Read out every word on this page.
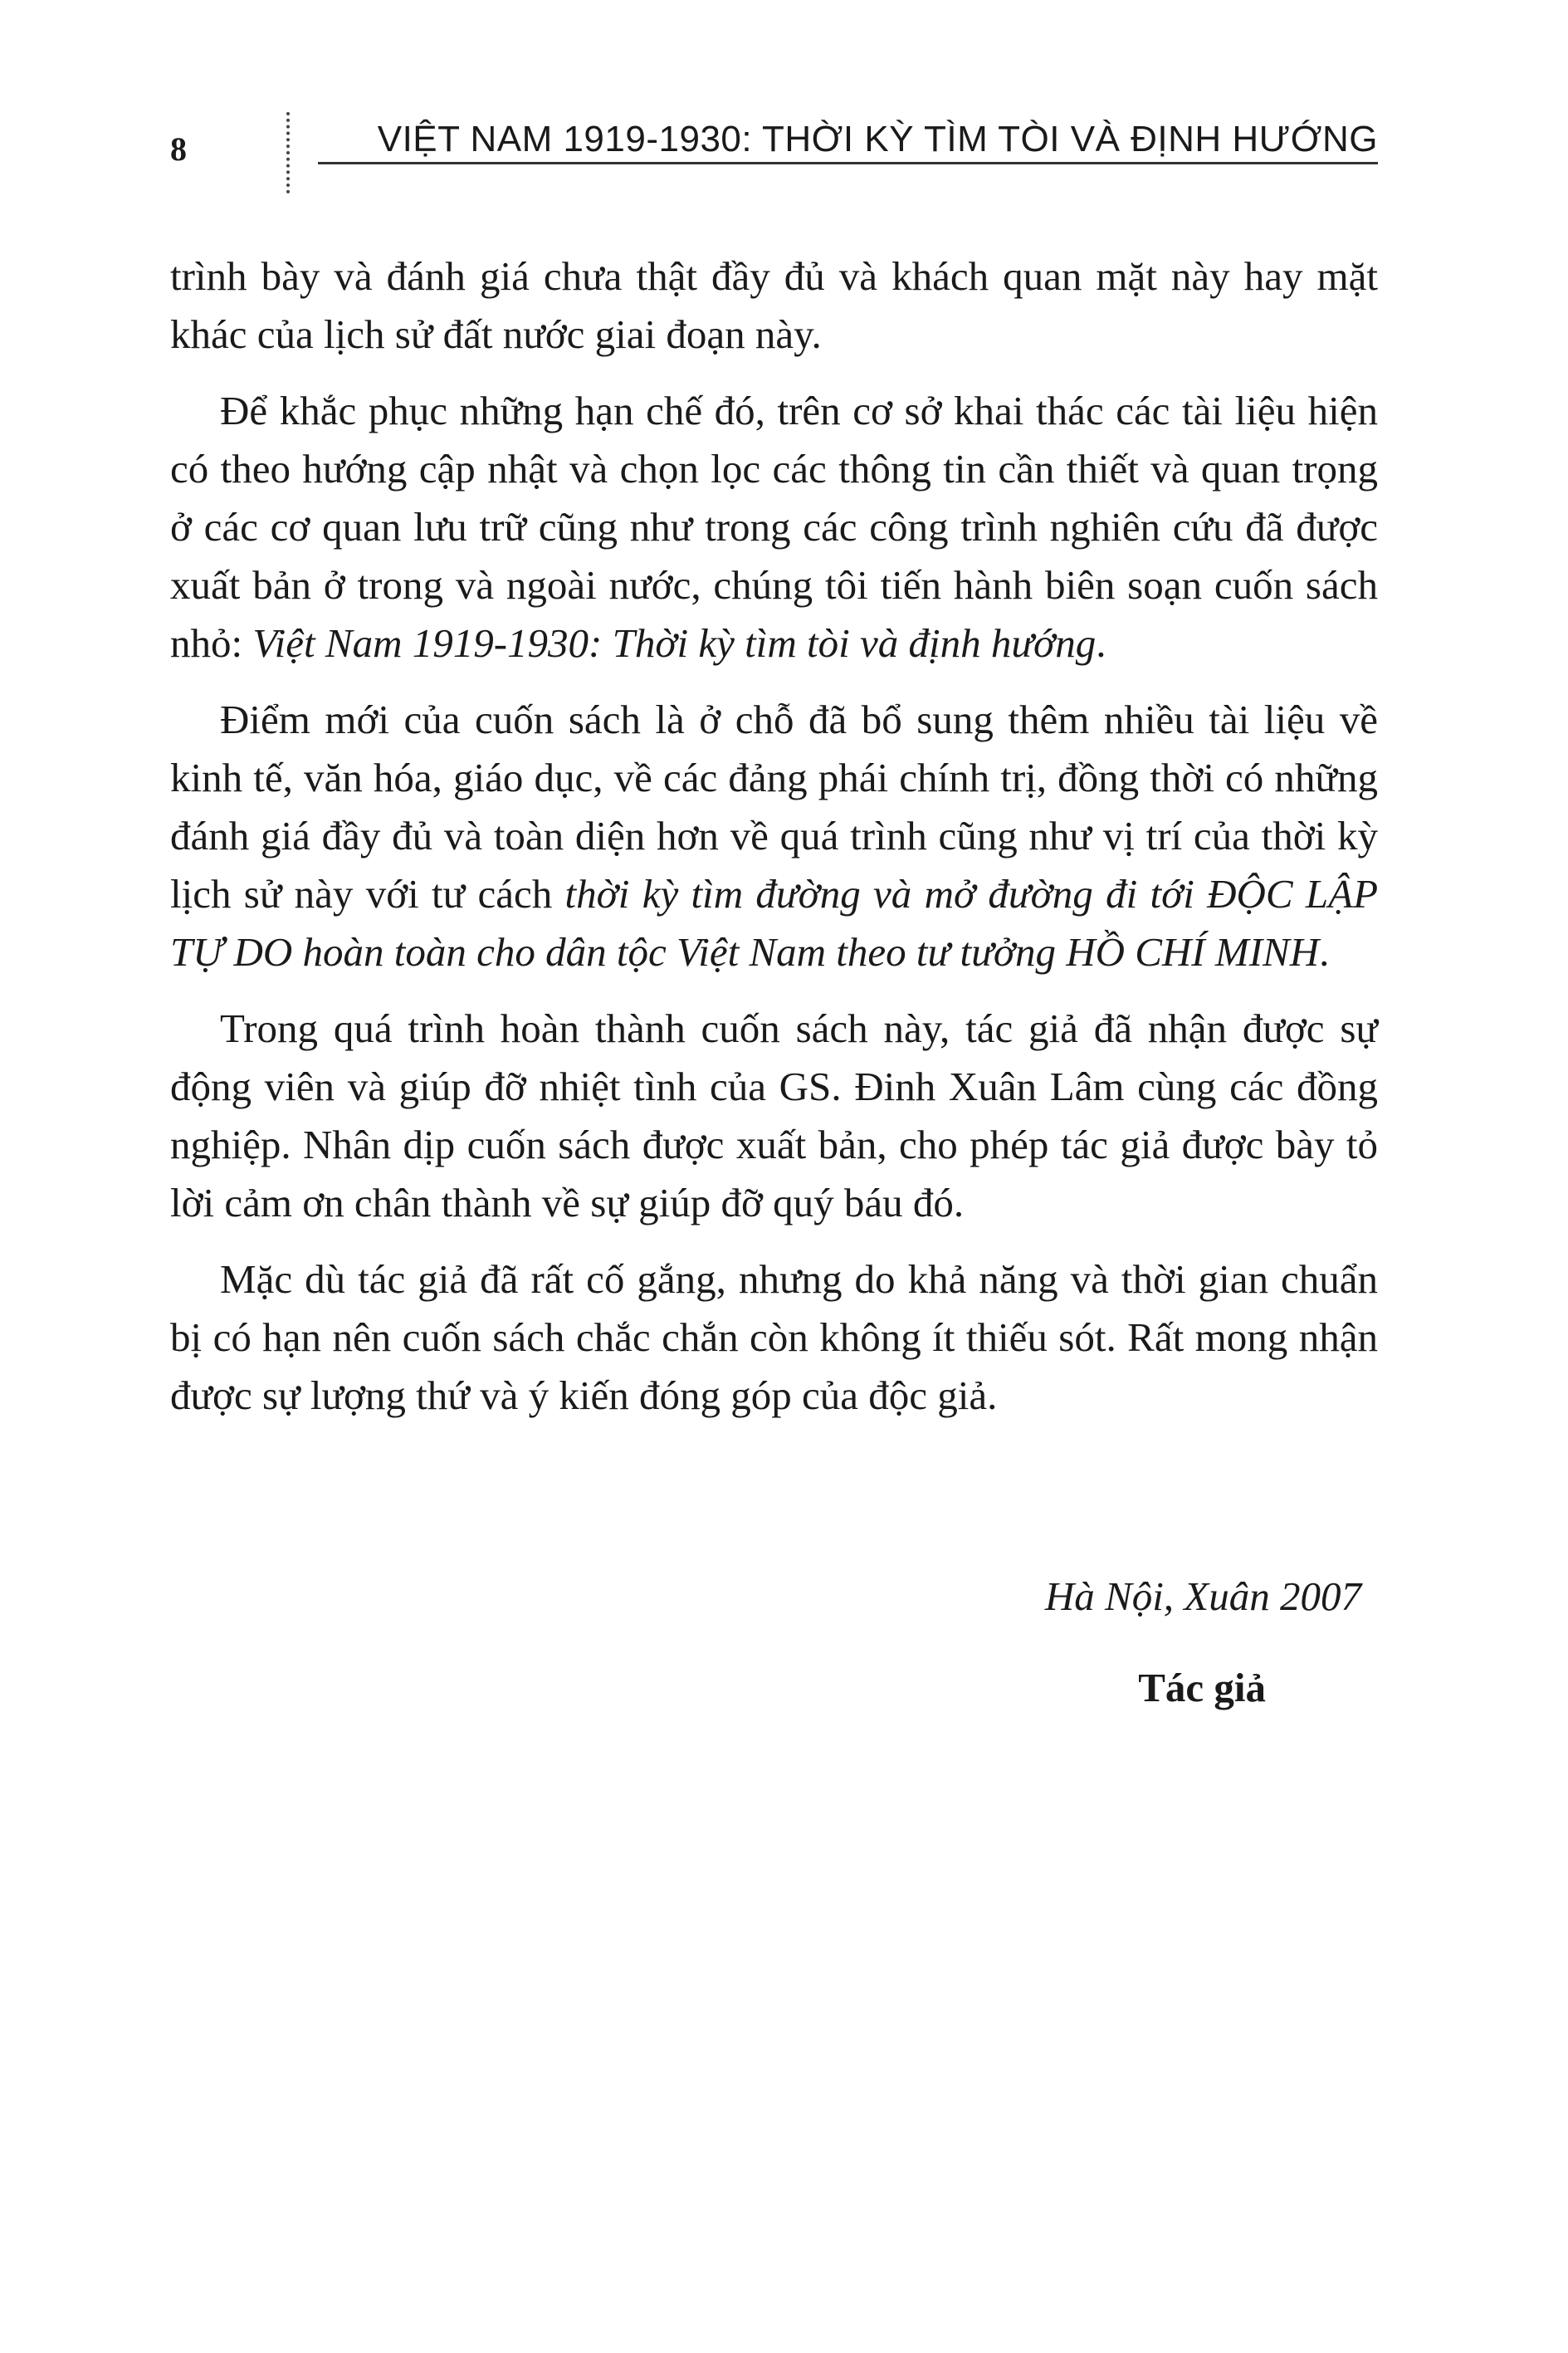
8	VIỆT NAM 1919-1930: THỜI KỲ TÌM TÒI VÀ ĐỊNH HƯỚNG

trình bày và đánh giá chưa thật đầy đủ và khách quan mặt này hay mặt khác của lịch sử đất nước giai đoạn này.

Để khắc phục những hạn chế đó, trên cơ sở khai thác các tài liệu hiện có theo hướng cập nhật và chọn lọc các thông tin cần thiết và quan trọng ở các cơ quan lưu trữ cũng như trong các công trình nghiên cứu đã được xuất bản ở trong và ngoài nước, chúng tôi tiến hành biên soạn cuốn sách nhỏ: Việt Nam 1919-1930: Thời kỳ tìm tòi và định hướng.

Điểm mới của cuốn sách là ở chỗ đã bổ sung thêm nhiều tài liệu về kinh tế, văn hóa, giáo dục, về các đảng phái chính trị, đồng thời có những đánh giá đầy đủ và toàn diện hơn về quá trình cũng như vị trí của thời kỳ lịch sử này với tư cách thời kỳ tìm đường và mở đường đi tới ĐỘC LẬP TỰ DO hoàn toàn cho dân tộc Việt Nam theo tư tưởng HỒ CHÍ MINH.

Trong quá trình hoàn thành cuốn sách này, tác giả đã nhận được sự động viên và giúp đỡ nhiệt tình của GS. Đinh Xuân Lâm cùng các đồng nghiệp. Nhân dịp cuốn sách được xuất bản, cho phép tác giả được bày tỏ lời cảm ơn chân thành về sự giúp đỡ quý báu đó.

Mặc dù tác giả đã rất cố gắng, nhưng do khả năng và thời gian chuẩn bị có hạn nên cuốn sách chắc chắn còn không ít thiếu sót. Rất mong nhận được sự lượng thứ và ý kiến đóng góp của độc giả.

Hà Nội, Xuân 2007
Tác giả
